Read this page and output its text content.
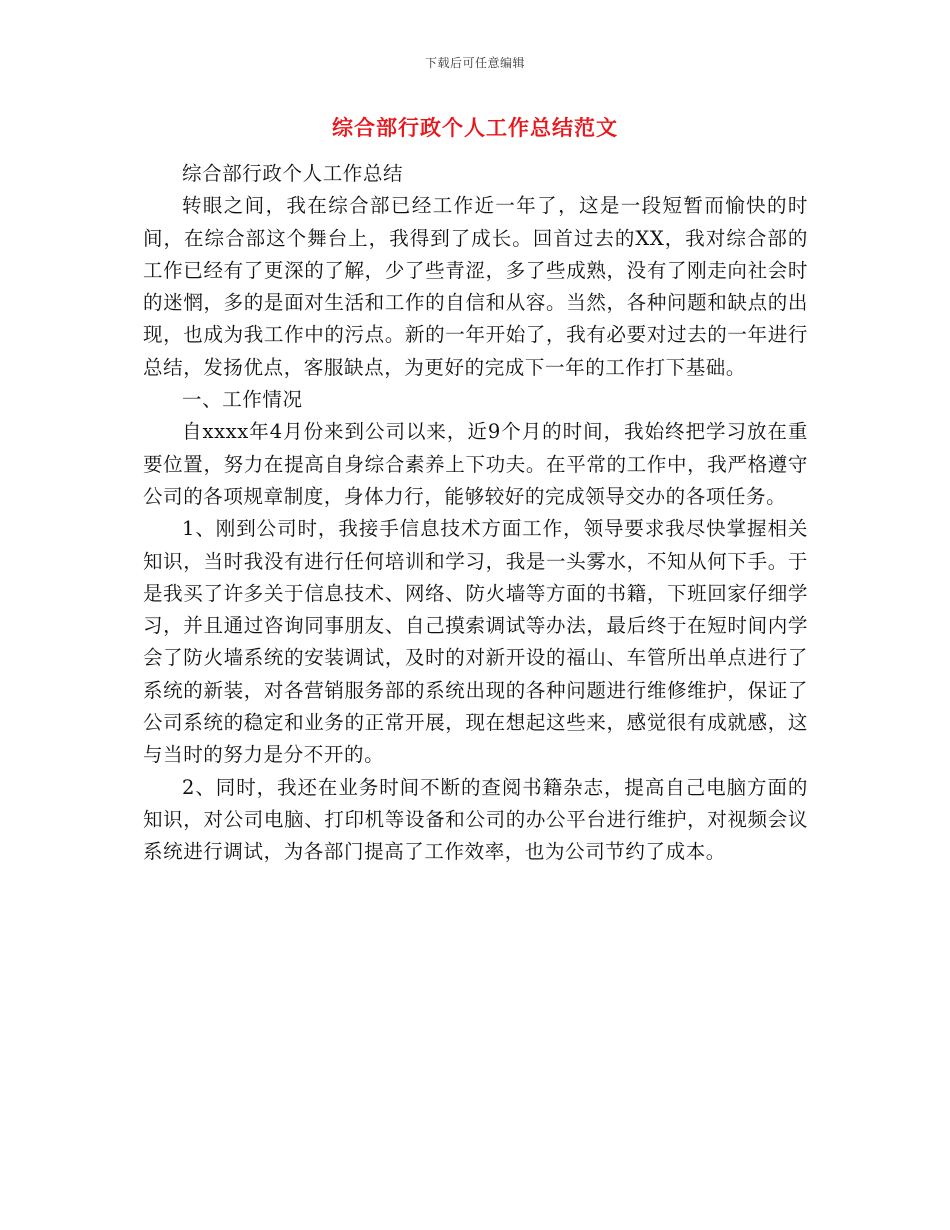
下载后可任意编辑
综合部行政个人工作总结范文

综合部行政个人工作总结

转眼之间，我在综合部已经工作近一年了，这是一段短暂而愉快的时间，在综合部这个舞台上，我得到了成长。回首过去的XX，我对综合部的工作已经有了更深的了解，少了些青涩，多了些成熟，没有了刚走向社会时的迷惘，多的是面对生活和工作的自信和从容。当然，各种问题和缺点的出现，也成为我工作中的污点。新的一年开始了，我有必要对过去的一年进行总结，发扬优点，客服缺点，为更好的完成下一年的工作打下基础。

一、工作情况

自xxxx年4月份来到公司以来，近9个月的时间，我始终把学习放在重要位置，努力在提高自身综合素养上下功夫。在平常的工作中，我严格遵守公司的各项规章制度，身体力行，能够较好的完成领导交办的各项任务。

1、刚到公司时，我接手信息技术方面工作，领导要求我尽快掌握相关知识，当时我没有进行任何培训和学习，我是一头雾水，不知从何下手。于是我买了许多关于信息技术、网络、防火墙等方面的书籍，下班回家仔细学习，并且通过咨询同事朋友、自己摸索调试等办法，最后终于在短时间内学会了防火墙系统的安装调试，及时的对新开设的福山、车管所出单点进行了系统的新装，对各营销服务部的系统出现的各种问题进行维修维护，保证了公司系统的稳定和业务的正常开展，现在想起这些来，感觉很有成就感，这与当时的努力是分不开的。

2、同时，我还在业务时间不断的查阅书籍杂志，提高自己电脑方面的知识，对公司电脑、打印机等设备和公司的办公平台进行维护，对视频会议系统进行调试，为各部门提高了工作效率，也为公司节约了成本。
